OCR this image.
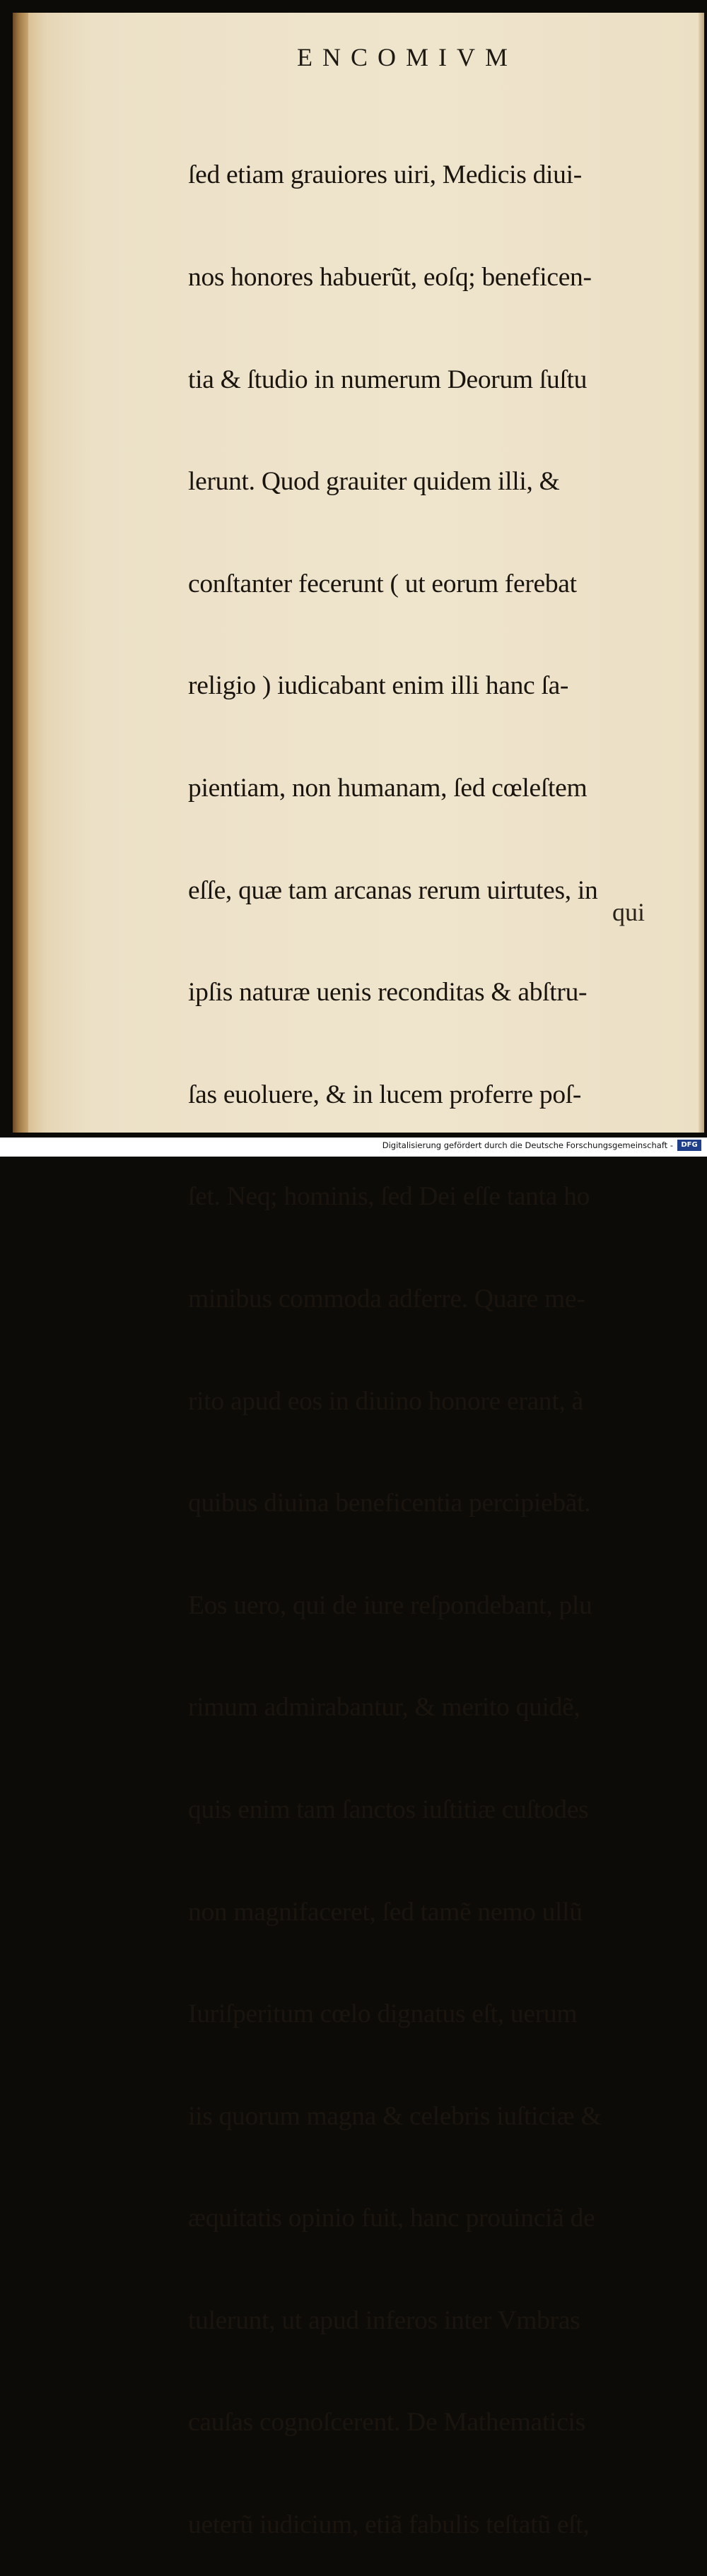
ENCOMIVM

ſed etiam grauiores uiri, Medicis diui-

nos honores habuerũt, eoſq; beneficen-

tia & ſtudio in numerum Deorum ſuſtu

lerunt. Quod grauiter quidem illi, &

conſtanter fecerunt ( ut eorum ferebat

religio ) iudicabant enim illi hanc ſa-

pientiam, non humanam, ſed cœleſtem

eſſe, quæ tam arcanas rerum uirtutes, in

ipſis naturæ uenis reconditas & abſtru-

ſas euoluere, & in lucem proferre poſ-

ſet. Neq; hominis, ſed Dei eſſe tanta ho

minibus commoda adferre. Quare me-

rito apud eos in diuino honore erant, à

quibus diuina beneficentia percipiebãt.

Eos uero, qui de iure reſpondebant, plu

rimum admirabantur, & merito quidẽ,

quis enim tam ſanctos iuſtitiæ cuſtodes

non magnifaceret, ſed tamẽ nemo ullũ

Iuriſperitum cœlo dignatus eſt, uerum

iis quorum magna & celebris iuſticiæ &

æquitatis opinio fuit, hanc prouinciã de

tulerunt, ut apud inferos inter Vmbras

cauſas cognoſcerent. De Mathematicis

ueterũ iudicium, etiã fabulis teſtatũ eſt,

qui
Digitalisierung gefördert durch die Deutsche Forschungsgemeinschaft -	DFG
